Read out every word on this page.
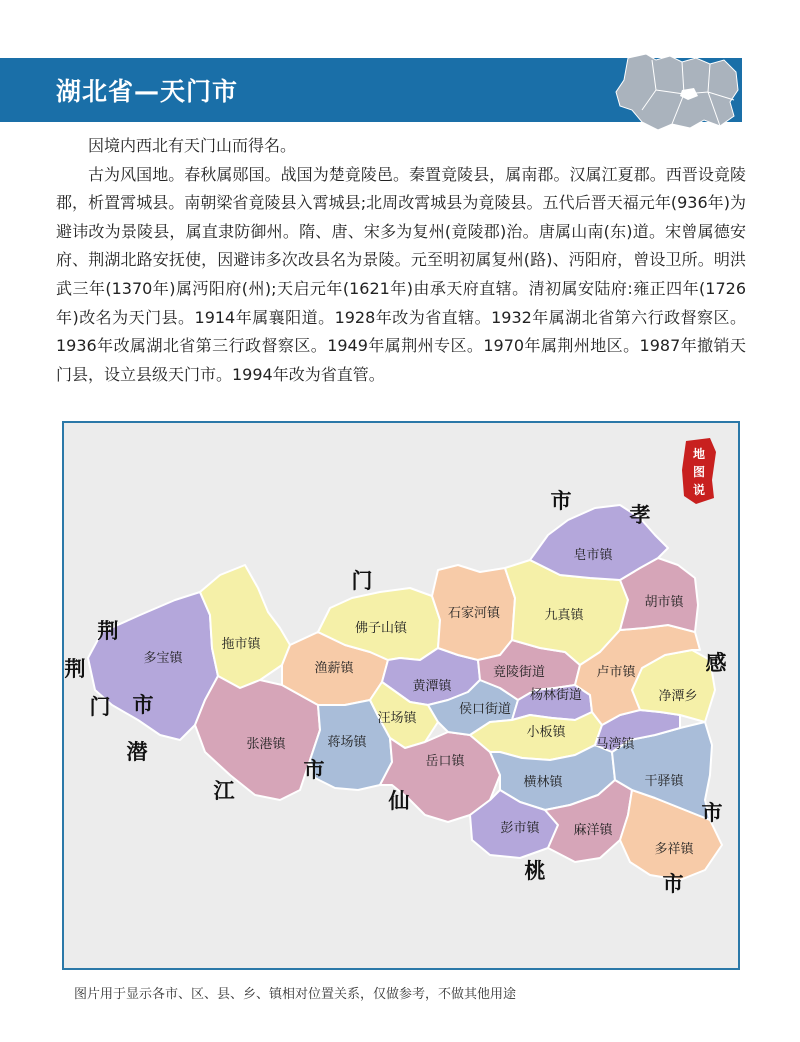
湖北省—天门市

因境内西北有天门山而得名。

古为风国地。春秋属郧国。战国为楚竟陵邑。秦置竟陵县，属南郡。汉属江夏郡。西晋设竟陵郡，析置霄城县。南朝梁省竟陵县入霄城县;北周改霄城县为竟陵县。五代后晋天福元年(936年)为避讳改为景陵县，属直隶防御州。隋、唐、宋多为复州(竟陵郡)治。唐属山南(东)道。宋曾属德安府、荆湖北路安抚使，因避讳多次改县名为景陵。元至明初属复州(路)、沔阳府，曾设卫所。明洪武三年(1370年)属沔阳府(州);天启元年(1621年)由承天府直辖。清初属安陆府:雍正四年(1726年)改名为天门县。1914年属襄阳道。1928年改为省直辖。1932年属湖北省第六行政督察区。1936年改属湖北省第三行政督察区。1949年属荆州专区。1970年属荆州地区。1987年撤销天门县，设立县级天门市。1994年改为省直管。

多宝镇
拖市镇
张港镇
渔薪镇
蒋场镇
佛子山镇
黄潭镇
汪场镇
岳口镇
石家河镇	九真镇
竟陵街道
侯口街道
杨林街道
小板镇
横林镇
彭市镇	麻洋镇
多祥镇
干驿镇
马湾镇
净潭乡
卢市镇
胡市镇
皂市镇
市
孝
门
荆
荆
门 市
潜
江
市
仙
桃
感
市
市
地
图
说
图片用于显示各市、区、县、乡、镇相对位置关系，仅做参考，不做其他用途
